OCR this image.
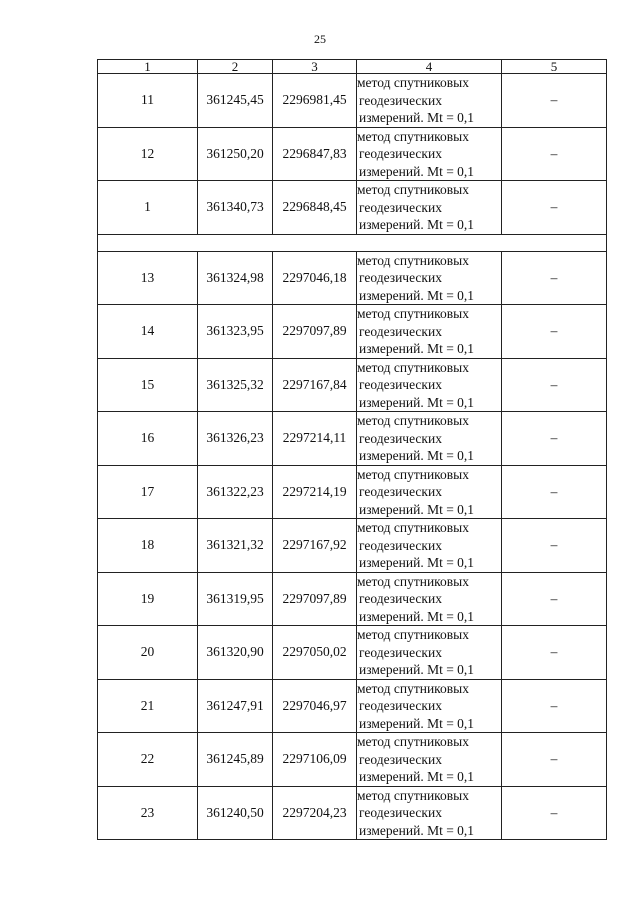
25
1	2	3	4	5
11	361245,45	2296981,45	метод спутниковых
геодезических
измерений. Mt = 0,1	–
12	361250,20	2296847,83	метод спутниковых
геодезических
измерений. Mt = 0,1	–
1	361340,73	2296848,45	метод спутниковых
геодезических
измерений. Mt = 0,1	–

13	361324,98	2297046,18	метод спутниковых
геодезических
измерений. Mt = 0,1	–
14	361323,95	2297097,89	метод спутниковых
геодезических
измерений. Mt = 0,1	–
15	361325,32	2297167,84	метод спутниковых
геодезических
измерений. Mt = 0,1	–
16	361326,23	2297214,11	метод спутниковых
геодезических
измерений. Mt = 0,1	–
17	361322,23	2297214,19	метод спутниковых
геодезических
измерений. Mt = 0,1	–
18	361321,32	2297167,92	метод спутниковых
геодезических
измерений. Mt = 0,1	–
19	361319,95	2297097,89	метод спутниковых
геодезических
измерений. Mt = 0,1	–
20	361320,90	2297050,02	метод спутниковых
геодезических
измерений. Mt = 0,1	–
21	361247,91	2297046,97	метод спутниковых
геодезических
измерений. Mt = 0,1	–
22	361245,89	2297106,09	метод спутниковых
геодезических
измерений. Mt = 0,1	–
23	361240,50	2297204,23	метод спутниковых
геодезических
измерений. Mt = 0,1	–
